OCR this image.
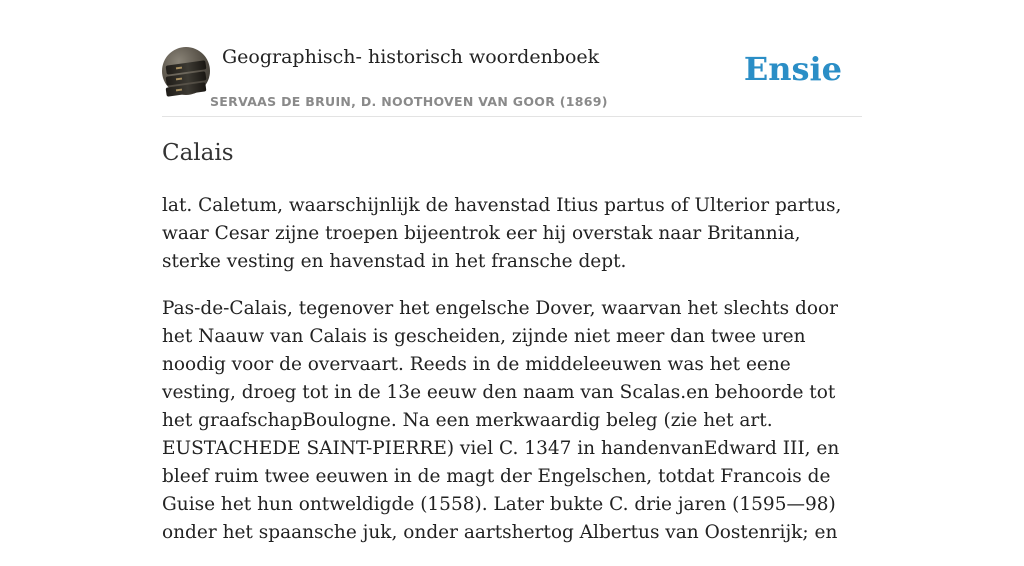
Geographisch- historisch woordenboek
SERVAAS DE BRUIN, D. NOOTHOVEN VAN GOOR (1869)
Ensie
Calais

lat. Caletum, waarschijnlijk de havenstad Itius partus of Ulterior partus, waar Cesar zijne troepen bijeentrok eer hij overstak naar Britannia, sterke vesting en havenstad in het fransche dept.

Pas-de-Calais, tegenover het engelsche Dover, waarvan het slechts door het Naauw van Calais is gescheiden, zijnde niet meer dan twee uren noodig voor de overvaart. Reeds in de middeleeuwen was het eene vesting, droeg tot in de 13e eeuw den naam van Scalas.en behoorde tot het graafschapBoulogne. Na een merkwaardig beleg (zie het art. EUSTACHEDE SAINT-PIERRE) viel C. 1347 in handenvanEdward III, en bleef ruim twee eeuwen in de magt der Engelschen, totdat Francois de Guise het hun ontweldigde (1558). Later bukte C. drie jaren (1595—98) onder het spaansche juk, onder aartshertog Albertus van Oostenrijk; en
